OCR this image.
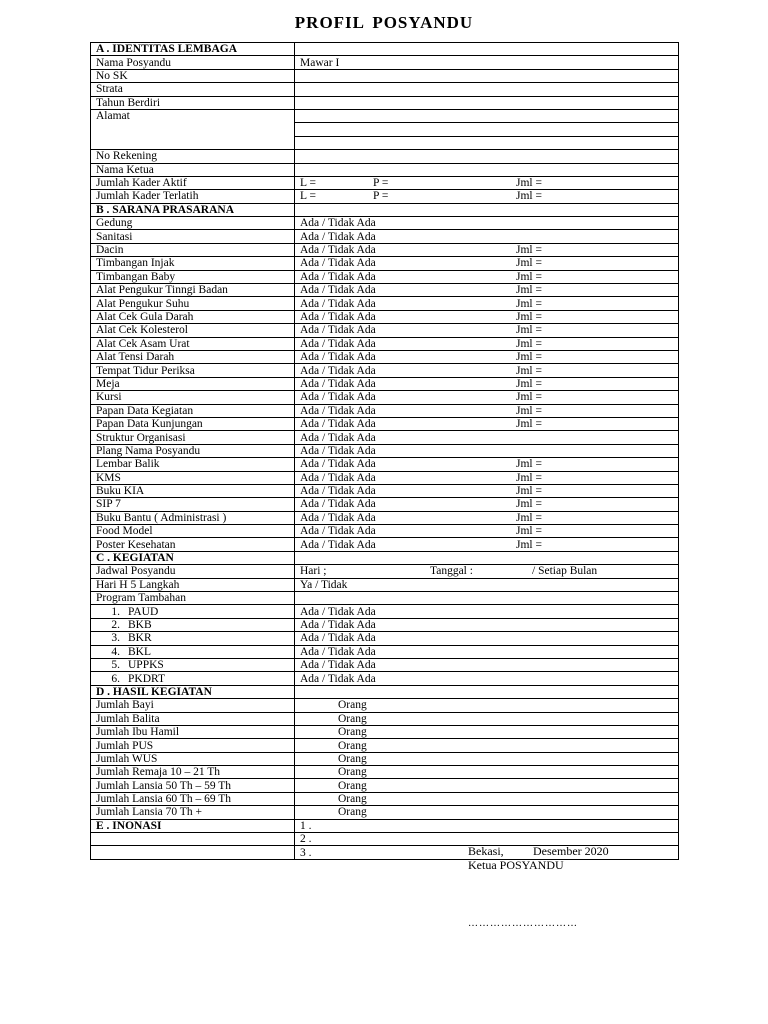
PROFIL POSYANDU
A . IDENTITAS LEMBAGA	
Nama Posyandu	Mawar I
No SK	
Strata	
Tahun Berdiri	
Alamat	

No Rekening	
Nama Ketua	
Jumlah Kader Aktif	L = P = Jml =

Jumlah Kader Terlatih	L = P = Jml =

B . SARANA PRASARANA	
Gedung	Ada / Tidak Ada

Sanitasi	Ada / Tidak Ada

Dacin	Ada / Tidak Ada Jml =

Timbangan Injak	Ada / Tidak Ada Jml =

Timbangan Baby	Ada / Tidak Ada Jml =

Alat Pengukur Tinngi Badan	Ada / Tidak Ada Jml =

Alat Pengukur Suhu	Ada / Tidak Ada Jml =

Alat Cek Gula Darah	Ada / Tidak Ada Jml =

Alat Cek Kolesterol	Ada / Tidak Ada Jml =

Alat Cek Asam Urat	Ada / Tidak Ada Jml =

Alat Tensi Darah	Ada / Tidak Ada Jml =

Tempat Tidur Periksa	Ada / Tidak Ada Jml =

Meja	Ada / Tidak Ada Jml =

Kursi	Ada / Tidak Ada Jml =

Papan Data Kegiatan	Ada / Tidak Ada Jml =

Papan Data Kunjungan	Ada / Tidak Ada Jml =

Struktur Organisasi	Ada / Tidak Ada

Plang Nama Posyandu	Ada / Tidak Ada

Lembar Balik	Ada / Tidak Ada Jml =

KMS	Ada / Tidak Ada Jml =

Buku KIA	Ada / Tidak Ada Jml =

SIP 7	Ada / Tidak Ada Jml =

Buku Bantu ( Administrasi )	Ada / Tidak Ada Jml =

Food Model	Ada / Tidak Ada Jml =

Poster Kesehatan	Ada / Tidak Ada Jml =

C . KEGIATAN	
Jadwal Posyandu	Hari ; Tanggal : / Setiap Bulan

Hari H 5 Langkah	Ya / Tidak
Program Tambahan	
1. PAUD	Ada / Tidak Ada
2. BKB	Ada / Tidak Ada
3. BKR	Ada / Tidak Ada
4. BKL	Ada / Tidak Ada
5. UPPKS	Ada / Tidak Ada
6. PKDRT	Ada / Tidak Ada
D . HASIL KEGIATAN	
Jumlah Bayi	Orang

Jumlah Balita	Orang

Jumlah Ibu Hamil	Orang

Jumlah PUS	Orang

Jumlah WUS	Orang

Jumlah Remaja 10 – 21 Th	Orang

Jumlah Lansia 50 Th – 59 Th	Orang

Jumlah Lansia 60 Th – 69 Th	Orang

Jumlah Lansia 70 Th +	Orang

E . INONASI	1 .
	2 .
	3 .	Bekasi, Desember 2020
Ketua POSYANDU
…………………………
